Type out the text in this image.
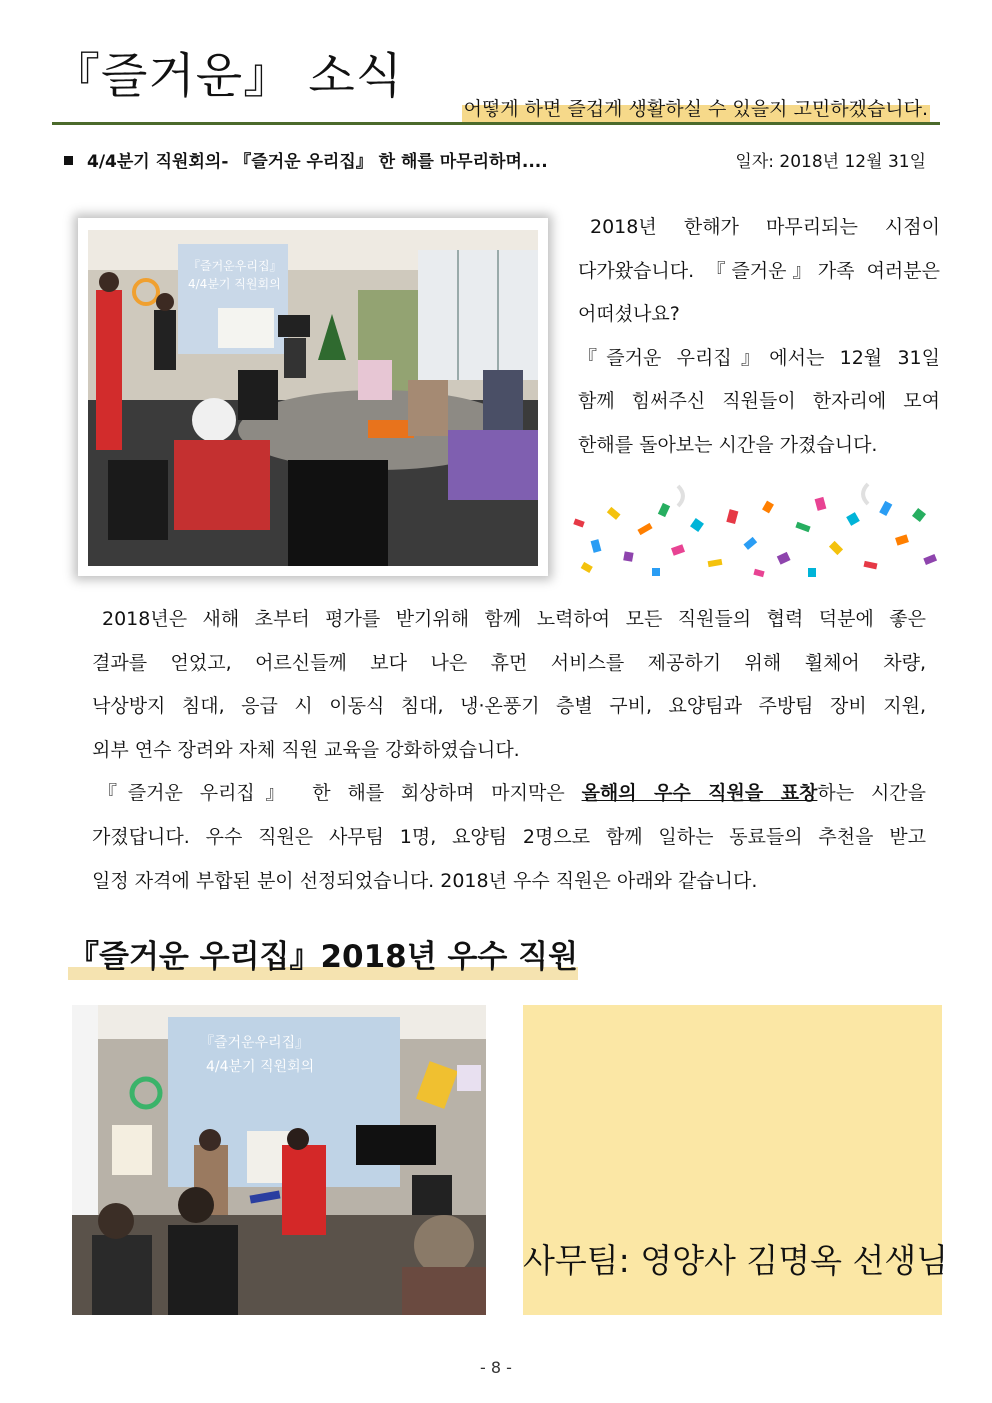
『즐거운』 소식
어떻게 하면 즐겁게 생활하실 수 있을지 고민하겠습니다.
4/4분기 직원회의- 『즐거운 우리집』 한 해를 마무리하며....	일자: 2018년 12월 31일
『즐거운우리집』
4/4분기 직원회의

2018년 한해가 마무리되는 시점이

다가왔습니다. 『즐거운』가족 여러분은

어떠셨나요?

『즐거운 우리집』에서는 12월 31일

함께 힘써주신 직원들이 한자리에 모여

한해를 돌아보는 시간을 가졌습니다.

2018년은 새해 초부터 평가를 받기위해 함께 노력하여 모든 직원들의 협력 덕분에 좋은

결과를 얻었고, 어르신들께 보다 나은 휴먼 서비스를 제공하기 위해 휠체어 차량,

낙상방지 침대, 응급 시 이동식 침대, 냉·온풍기 층별 구비, 요양팀과 주방팀 장비 지원,

외부 연수 장려와 자체 직원 교육을 강화하였습니다.

『즐거운 우리집』 한 해를 회상하며 마지막은 올해의 우수 직원을 표창하는 시간을

가졌답니다. 우수 직원은 사무팀 1명, 요양팀 2명으로 함께 일하는 동료들의 추천을 받고

일정 자격에 부합된 분이 선정되었습니다. 2018년 우수 직원은 아래와 같습니다.

『즐거운 우리집』2018년 우수 직원
『즐거운우리집』
4/4분기 직원회의
사무팀: 영양사 김명옥 선생님
- 8 -
